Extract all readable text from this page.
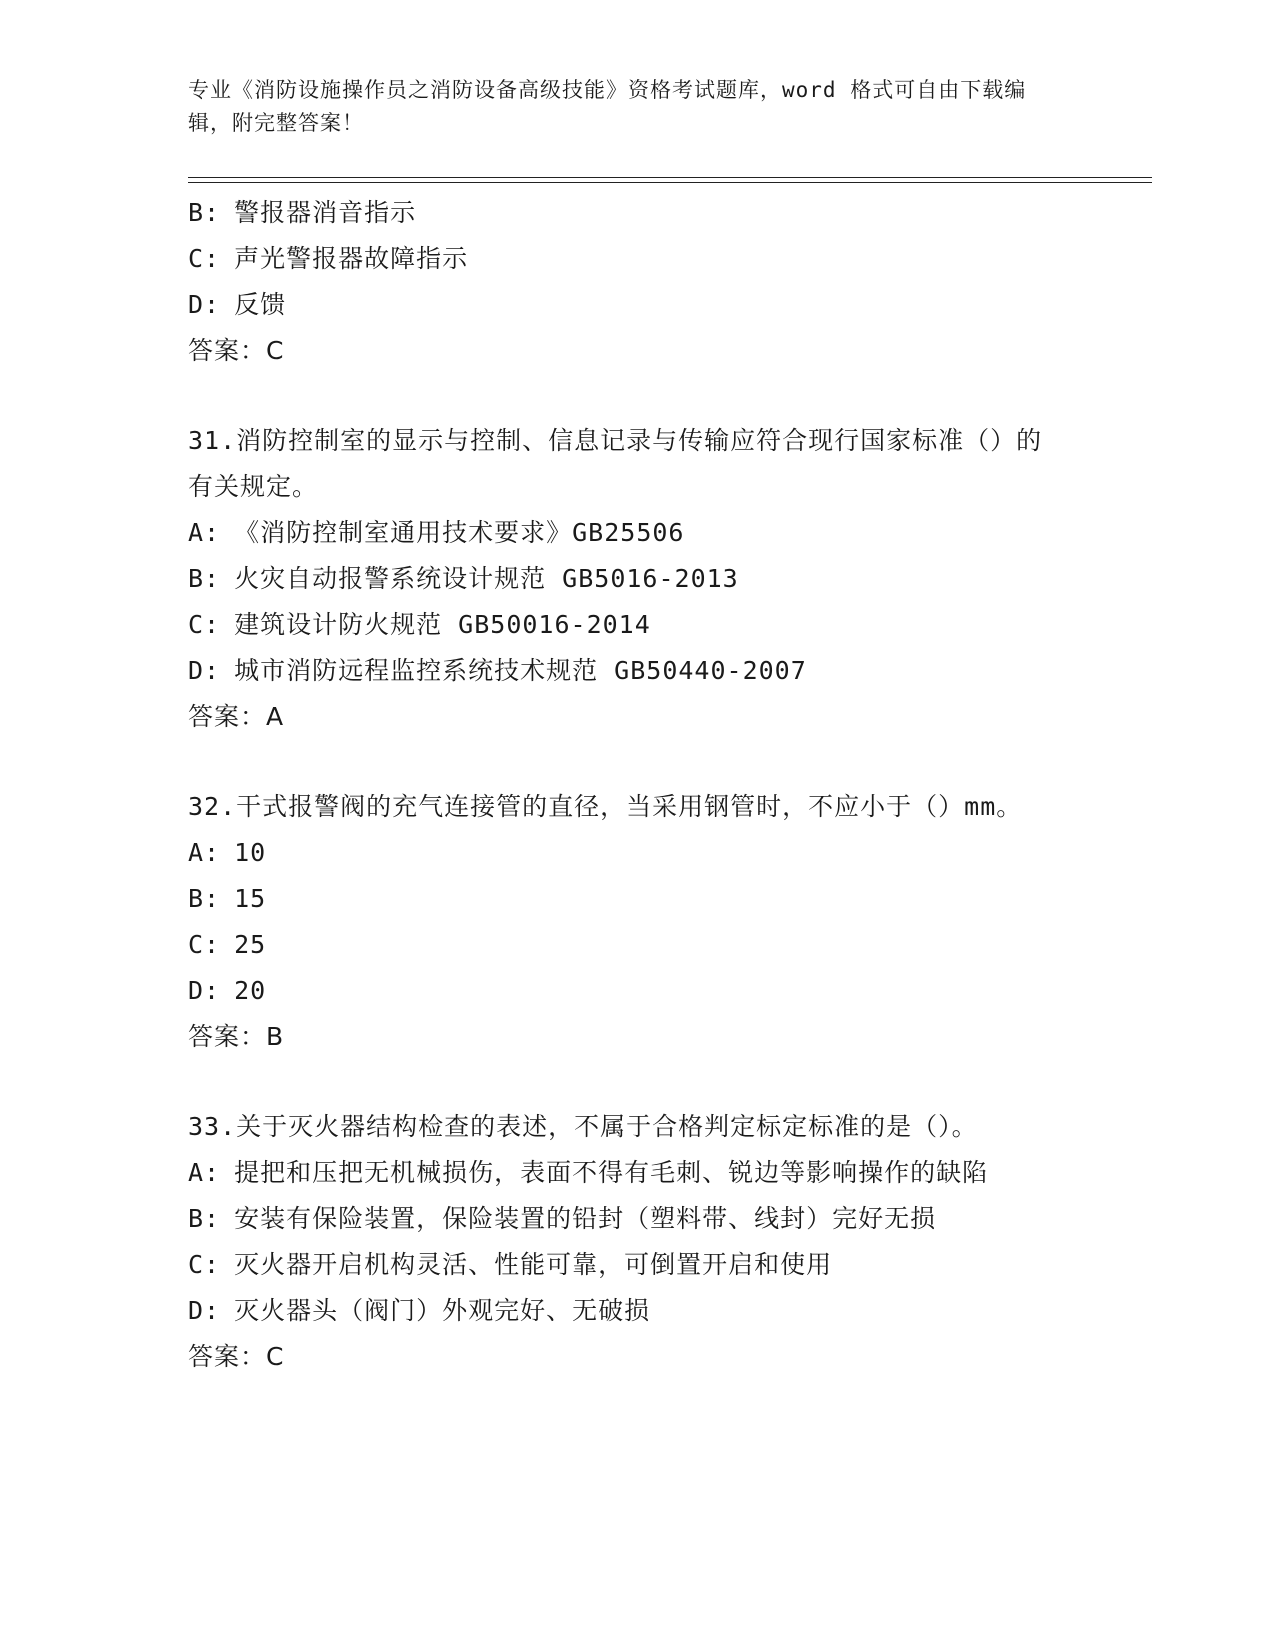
专业《消防设施操作员之消防设备高级技能》资格考试题库，word 格式可自由下载编辑，附完整答案！
B: 警报器消音指示
C: 声光警报器故障指示
D: 反馈
答案：C
31.消防控制室的显示与控制、信息记录与传输应符合现行国家标准（）的有关规定。
A: 《消防控制室通用技术要求》GB25506
B: 火灾自动报警系统设计规范 GB5016-2013
C: 建筑设计防火规范 GB50016-2014
D: 城市消防远程监控系统技术规范 GB50440-2007
答案：A
32.干式报警阀的充气连接管的直径，当采用钢管时，不应小于（）mm。
A: 10
B: 15
C: 25
D: 20
答案：B
33.关于灭火器结构检查的表述，不属于合格判定标定标准的是（）。
A: 提把和压把无机械损伤，表面不得有毛刺、锐边等影响操作的缺陷
B: 安装有保险装置，保险装置的铅封（塑料带、线封）完好无损
C: 灭火器开启机构灵活、性能可靠，可倒置开启和使用
D: 灭火器头（阀门）外观完好、无破损
答案：C
